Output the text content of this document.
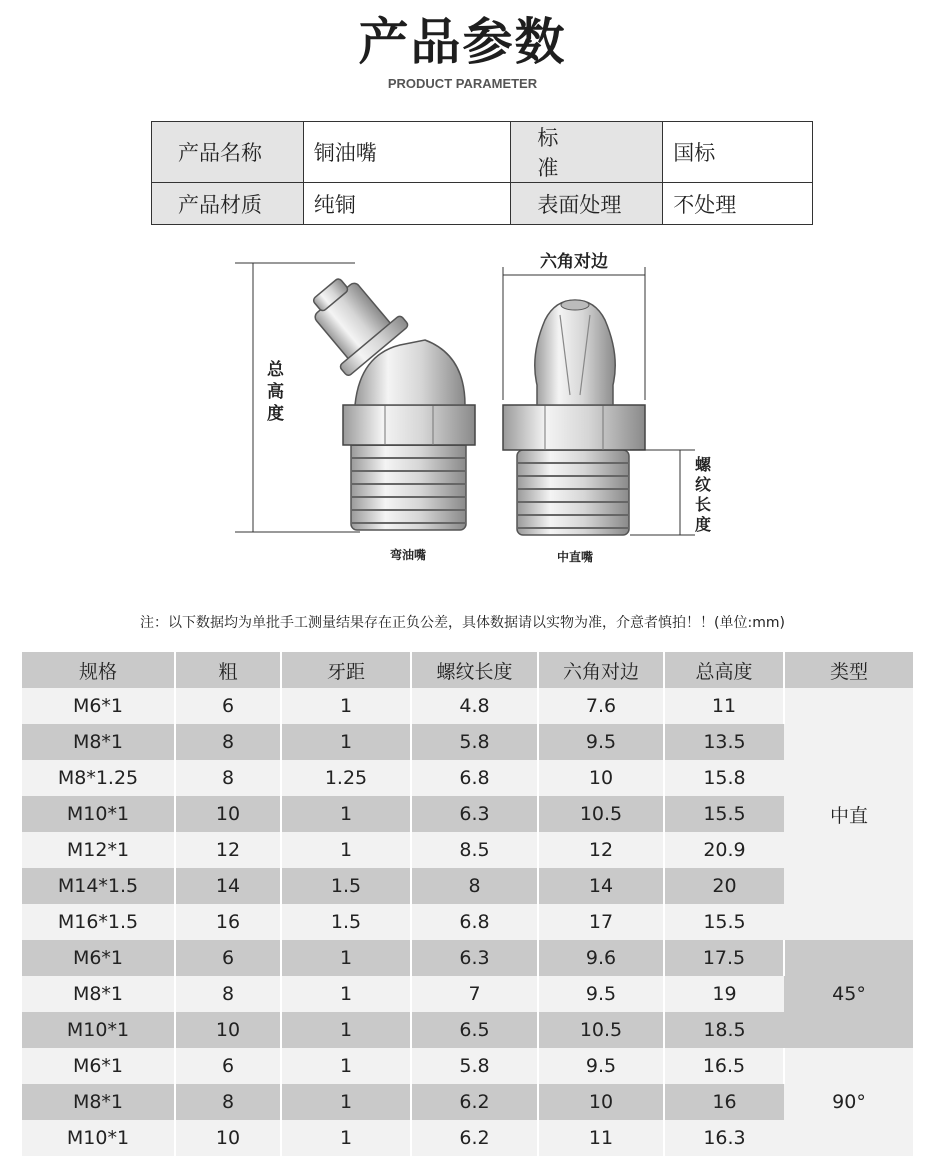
产品参数
PRODUCT PARAMETER
产品名称	铜油嘴	标准	国标
产品材质	纯铜	表面处理	不处理
六角对边
总
高
度
螺
纹
长
度
弯油嘴	中直嘴
注：以下数据均为单批手工测量结果存在正负公差，具体数据请以实物为准，介意者慎拍！！(单位:mm)
规格	粗	牙距	螺纹长度	六角对边	总高度	类型
M6*1	6	1	4.8	7.6	11	中直
M8*1	8	1	5.8	9.5	13.5	
M8*1.25	8	1.25	6.8	10	15.8	
M10*1	10	1	6.3	10.5	15.5	
M12*1	12	1	8.5	12	20.9	
M14*1.5	14	1.5	8	14	20	
M16*1.5	16	1.5	6.8	17	15.5	
M6*1	6	1	6.3	9.6	17.5	45°
M8*1	8	1	7	9.5	19	
M10*1	10	1	6.5	10.5	18.5	
M6*1	6	1	5.8	9.5	16.5	90°
M8*1	8	1	6.2	10	16	
M10*1	10	1	6.2	11	16.3	
